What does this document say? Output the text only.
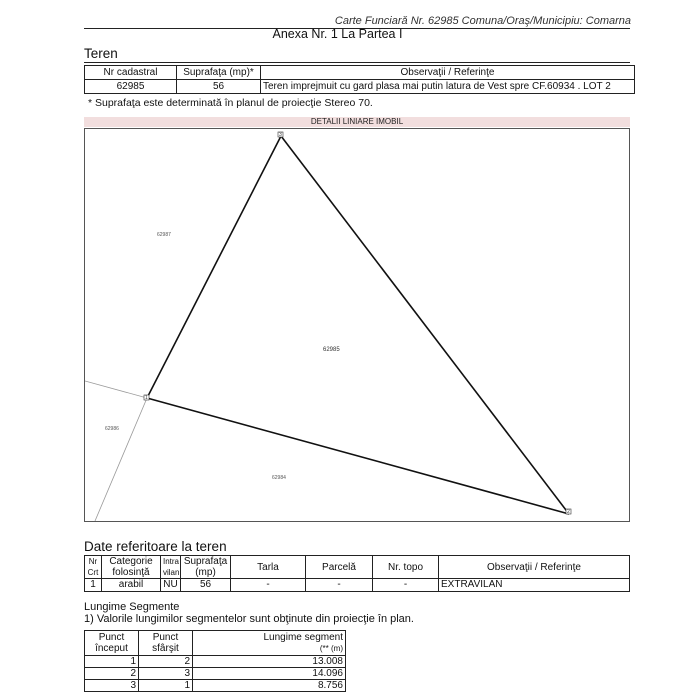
Carte Funciară Nr. 62985 Comuna/Oraş/Municipiu: Comarna
Anexa Nr. 1 La Partea I
Teren
Nr cadastral	Suprafaţa (mp)*	Observaţii / Referinţe
62985	56	Teren imprejmuit cu gard plasa mai putin latura de Vest spre CF.60934 . LOT 2
* Suprafaţa este determinată în planul de proiecţie Stereo 70.
DETALII LINIARE IMOBIL
3
2
1
62985
62987
62986
62984
Date referitoare la teren
Nr Crt	Categorie folosinţă	Intra vilan	Suprafaţa (mp)	Tarla	Parcelă	Nr. topo	Observaţii / Referinţe
1	arabil	NU	56	-	-	-	EXTRAVILAN
Lungime Segmente
1) Valorile lungimilor segmentelor sunt obţinute din proiecţie în plan.
Punct început	Punct sfârşit	Lungime segment
(** (m)

1	2	13.008
2	3	14.096
3	1	8.756
